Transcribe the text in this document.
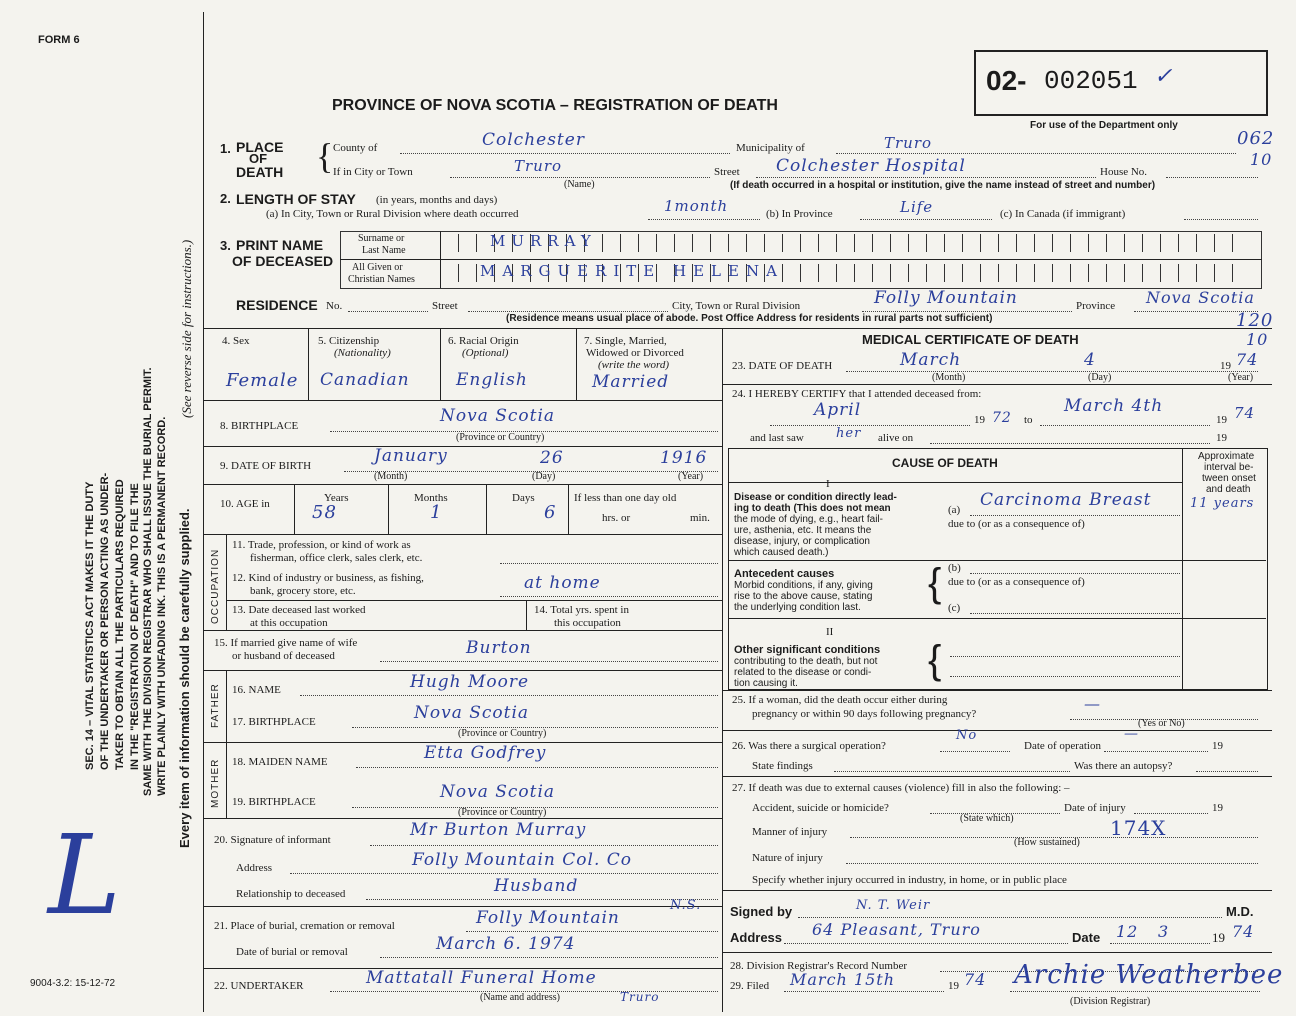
FORM 6
9004-3.2: 15-12-72
SEC. 14 – VITAL STATISTICS ACT MAKES IT THE DUTY OF THE UNDERTAKER OR PERSON ACTING AS UNDER- TAKER TO OBTAIN ALL THE PARTICULARS REQUIRED IN THE "REGISTRATION OF DEATH" AND TO FILE THE SAME WITH THE DIVISION REGISTRAR WHO SHALL ISSUE THE BURIAL PERMIT. WRITE PLAINLY WITH UNFADING INK. THIS IS A PERMANENT RECORD. Every item of information should be carefully supplied.
(See reverse side for instructions.)
L
02- 002051 ✓
For use of the Department only
062
10
120
10
PROVINCE OF NOVA SCOTIA – REGISTRATION OF DEATH
1. PLACE
OF
DEATH { County of	Colchester	Municipality of	Truro
If in City or Town	Truro
(Name)
Street Colchester Hospital	House No.
(If death occurred in a hospital or institution, give the name instead of street and number)
2. LENGTH OF STAY (in years, months and days)
(a) In City, Town or Rural Division where death occurred	1month	(b) In Province	Life	(c) In Canada (if immigrant)
3. PRINT NAME
OF DECEASED
Surname or
Last Name
All Given or
Christian Names
MURRAY
MARGUERITE HELENA
RESIDENCE No.	Street	City, Town or Rural Division	Folly Mountain	Province Nova Scotia
(Residence means usual place of abode. Post Office Address for residents in rural parts not sufficient)
4. Sex
Female
5. Citizenship
(Nationality)
Canadian
6. Racial Origin
(Optional)
English
7. Single, Married,
Widowed or Divorced
(write the word)
Married
8. BIRTHPLACE	Nova Scotia
(Province or Country)
9. DATE OF BIRTH	January	26	1916
(Month)	(Day)	(Year)
10. AGE in	Years	Months	Days	If less than one day old
hrs. or	min.
58	1	6
OCCUPATION
11. Trade, profession, or kind of work as
fisherman, office clerk, sales clerk, etc.
12. Kind of industry or business, as fishing,
bank, grocery store, etc.	at home
13. Date deceased last worked
at this occupation
14. Total yrs. spent in
this occupation
15. If married give name of wife
or husband of deceased	Burton
FATHER 16. NAME	Hugh Moore
17. BIRTHPLACE	Nova Scotia
(Province or Country)
MOTHER 18. MAIDEN NAME	Etta Godfrey
19. BIRTHPLACE	Nova Scotia
(Province or Country)
20. Signature of informant	Mr Burton Murray
Address	Folly Mountain Col. Co
Relationship to deceased	Husband
21. Place of burial, cremation or removal	Folly Mountain
N.S.
Date of burial or removal	March 6. 1974
22. UNDERTAKER	Mattatall Funeral Home
(Name and address)	Truro
MEDICAL CERTIFICATE OF DEATH
23. DATE OF DEATH	March	4	19 74
(Month)	(Day)	(Year)
24. I HEREBY CERTIFY that I attended deceased from:
April	19 72 to
March 4th
19 74
and last saw her alive on	19
CAUSE OF DEATH	Approximate
interval be-
tween onset
and death
I
Disease or condition directly lead-
ing to death (This does not mean
the mode of dying, e.g., heart fail-
ure, asthenia, etc. It means the
disease, injury, or complication
which caused death.)
(a) Carcinoma Breast	11 years
due to (or as a consequence of)
Antecedent causes
Morbid conditions, if any, giving
rise to the above cause, stating
the underlying condition last.
{ (b)
due to (or as a consequence of)
(c)
II
Other significant conditions
contributing to the death, but not
related to the disease or condi-
tion causing it.
{
25. If a woman, did the death occur either during
pregnancy or within 90 days following pregnancy?
—
(Yes or No)
26. Was there a surgical operation?
No
Date of operation
—
19
State findings	Was there an autopsy?
27. If death was due to external causes (violence) fill in also the following: –
Accident, suicide or homicide?	Date of injury	19
(State which)
Manner of injury	174X
(How sustained)
Nature of injury
Specify whether injury occurred in industry, in home, or in public place
Signed by	N. T. Weir	M.D.
Address 64 Pleasant, Truro	Date 12 3	19 74
28. Division Registrar's Record Number
29. Filed March 15th	19 74 Archie Weatherbee
(Division Registrar)
